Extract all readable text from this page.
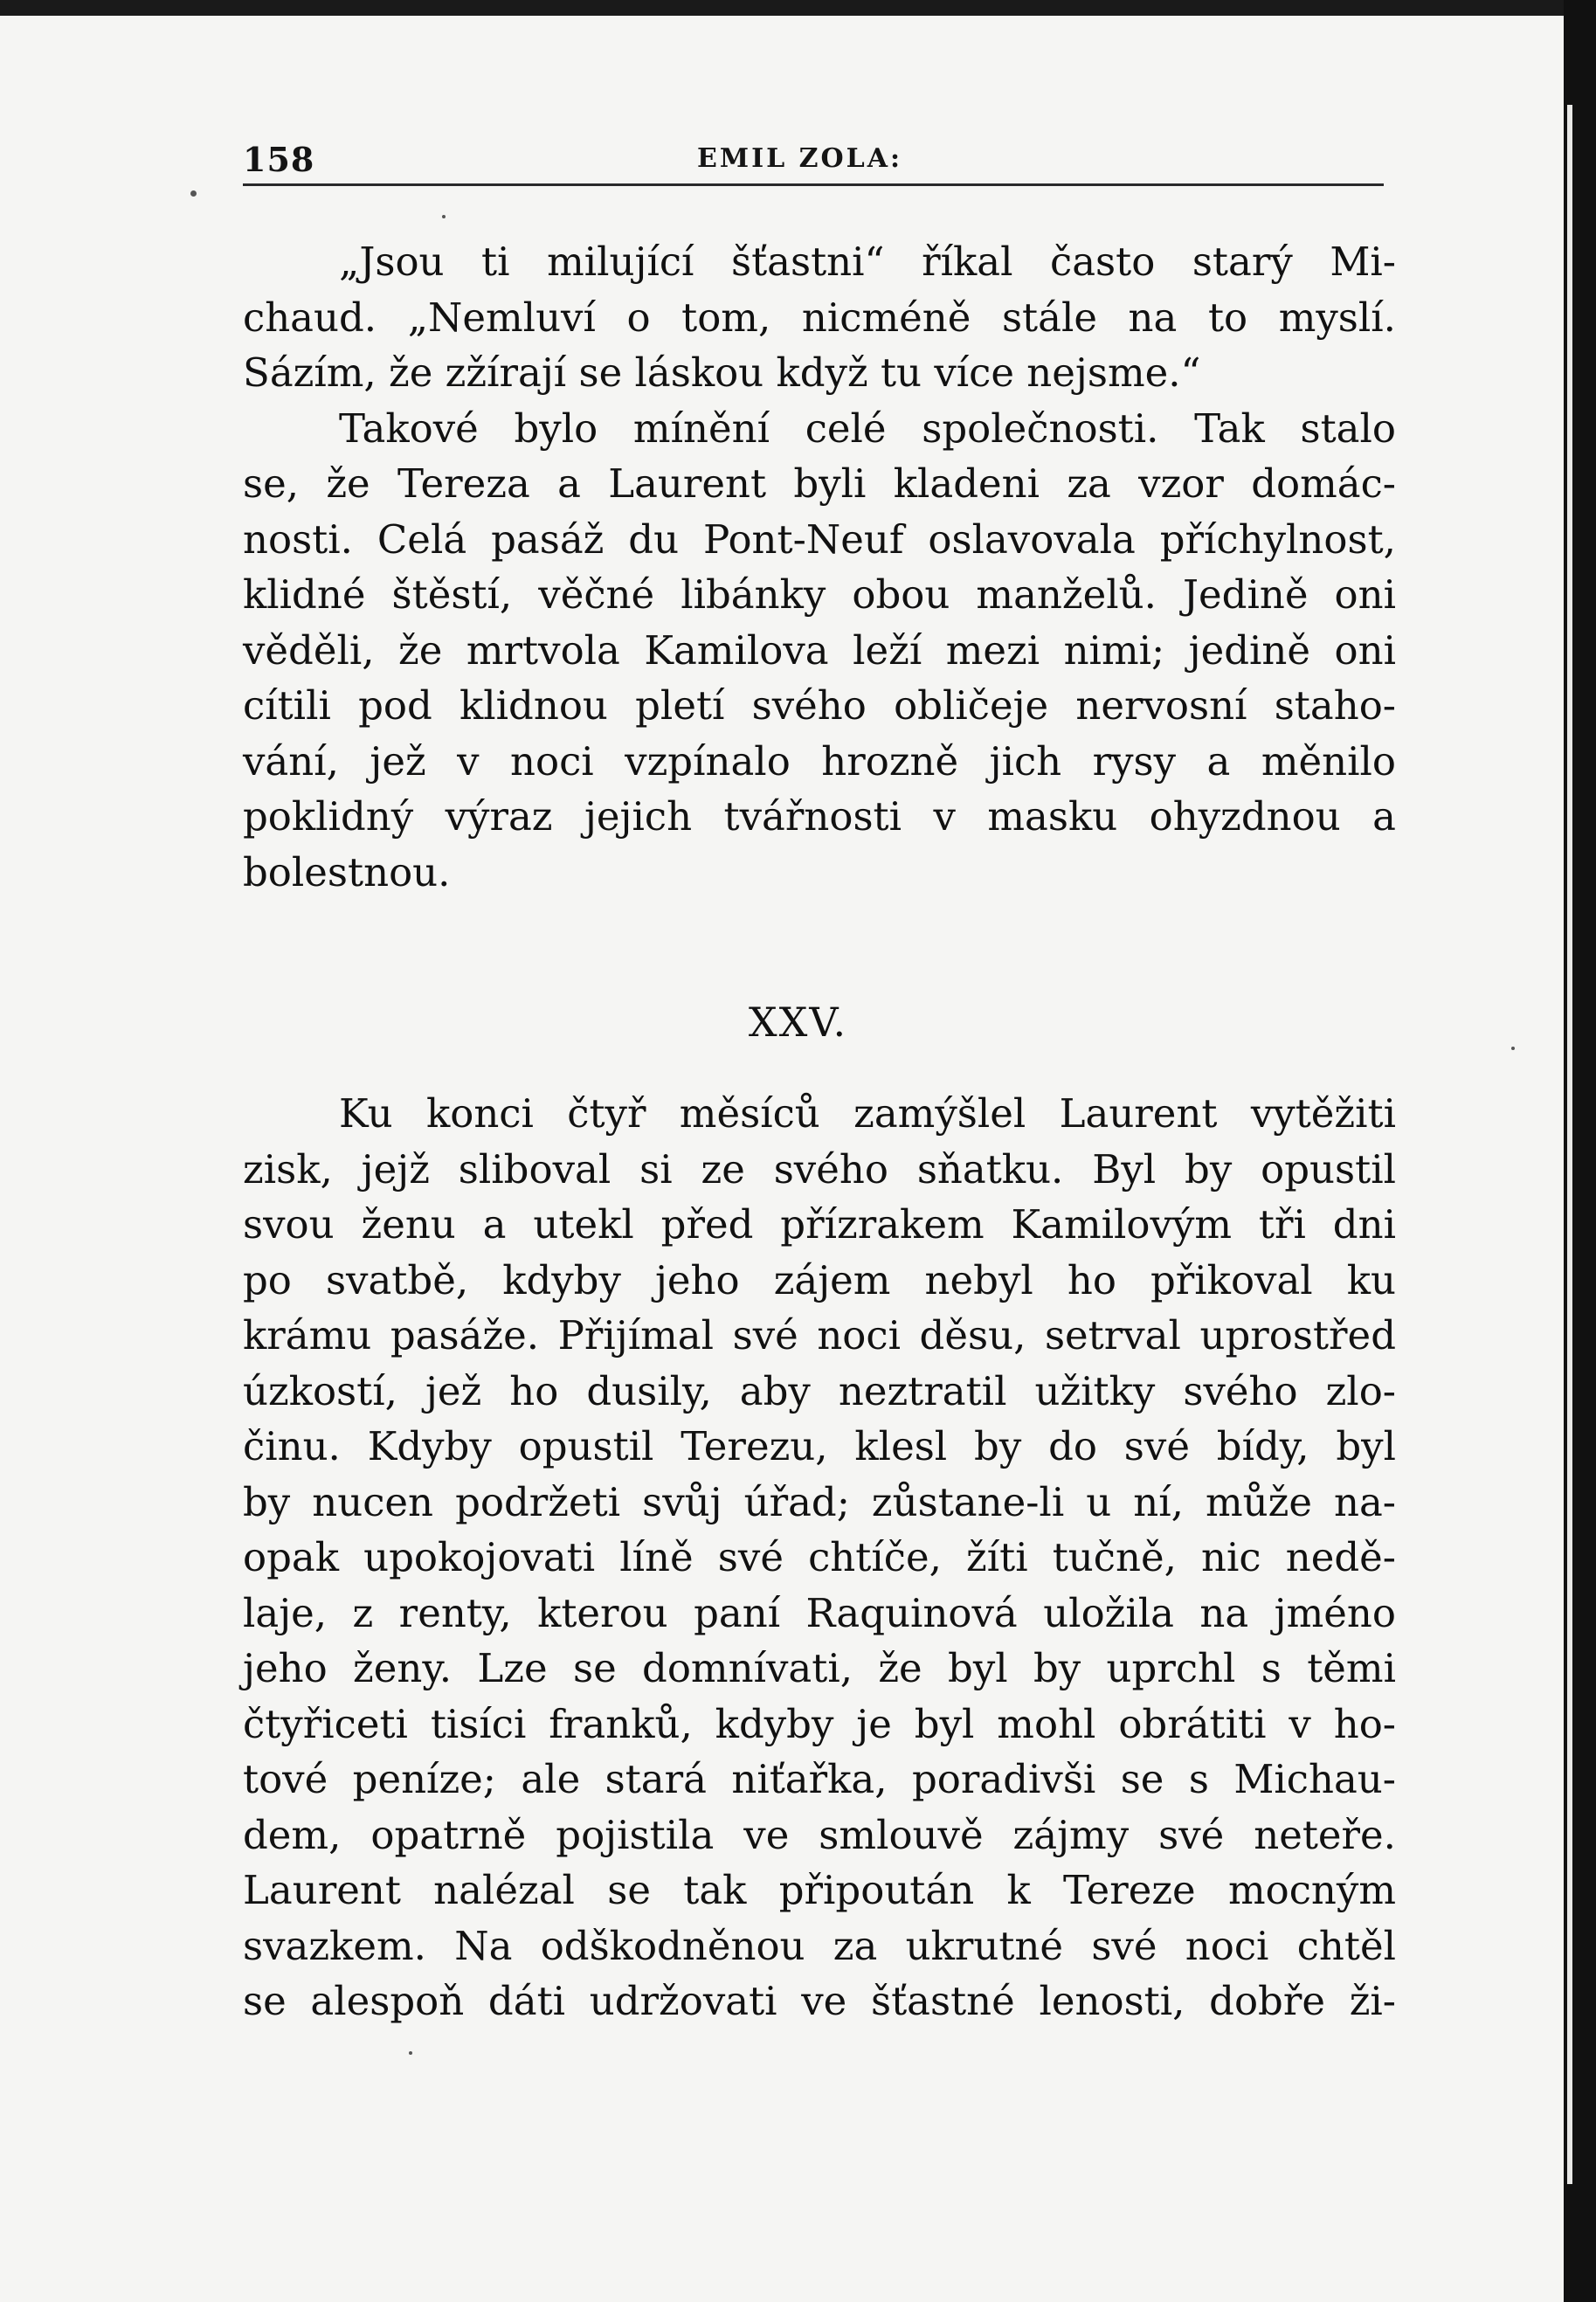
158	EMIL ZOLA:
„Jsou ti milující šťastni“ říkal často starý Mi-
chaud. „Nemluví o tom, nicméně stále na to myslí.
Sázím, že zžírají se láskou když tu více nejsme.“
Takové bylo mínění celé společnosti. Tak stalo
se, že Tereza a Laurent byli kladeni za vzor domác-
nosti. Celá pasáž du Pont-Neuf oslavovala příchylnost,
klidné štěstí, věčné libánky obou manželů. Jedině oni
věděli, že mrtvola Kamilova leží mezi nimi; jedině oni
cítili pod klidnou pletí svého obličeje nervosní staho-
vání, jež v noci vzpínalo hrozně jich rysy a měnilo
poklidný výraz jejich tvářnosti v masku ohyzdnou a
bolestnou.
XXV.
Ku konci čtyř měsíců zamýšlel Laurent vytěžiti
zisk, jejž sliboval si ze svého sňatku. Byl by opustil
svou ženu a utekl před přízrakem Kamilovým tři dni
po svatbě, kdyby jeho zájem nebyl ho přikoval ku
krámu pasáže. Přijímal své noci děsu, setrval uprostřed
úzkostí, jež ho dusily, aby neztratil užitky svého zlo-
činu. Kdyby opustil Terezu, klesl by do své bídy, byl
by nucen podržeti svůj úřad; zůstane-li u ní, může na-
opak upokojovati líně své chtíče, žíti tučně, nic nedě-
laje, z renty, kterou paní Raquinová uložila na jméno
jeho ženy. Lze se domnívati, že byl by uprchl s těmi
čtyřiceti tisíci franků, kdyby je byl mohl obrátiti v ho-
tové peníze; ale stará niťařka, poradivši se s Michau-
dem, opatrně pojistila ve smlouvě zájmy své neteře.
Laurent nalézal se tak připoután k Tereze mocným
svazkem. Na odškodněnou za ukrutné své noci chtěl
se alespoň dáti udržovati ve šťastné lenosti, dobře ži-
